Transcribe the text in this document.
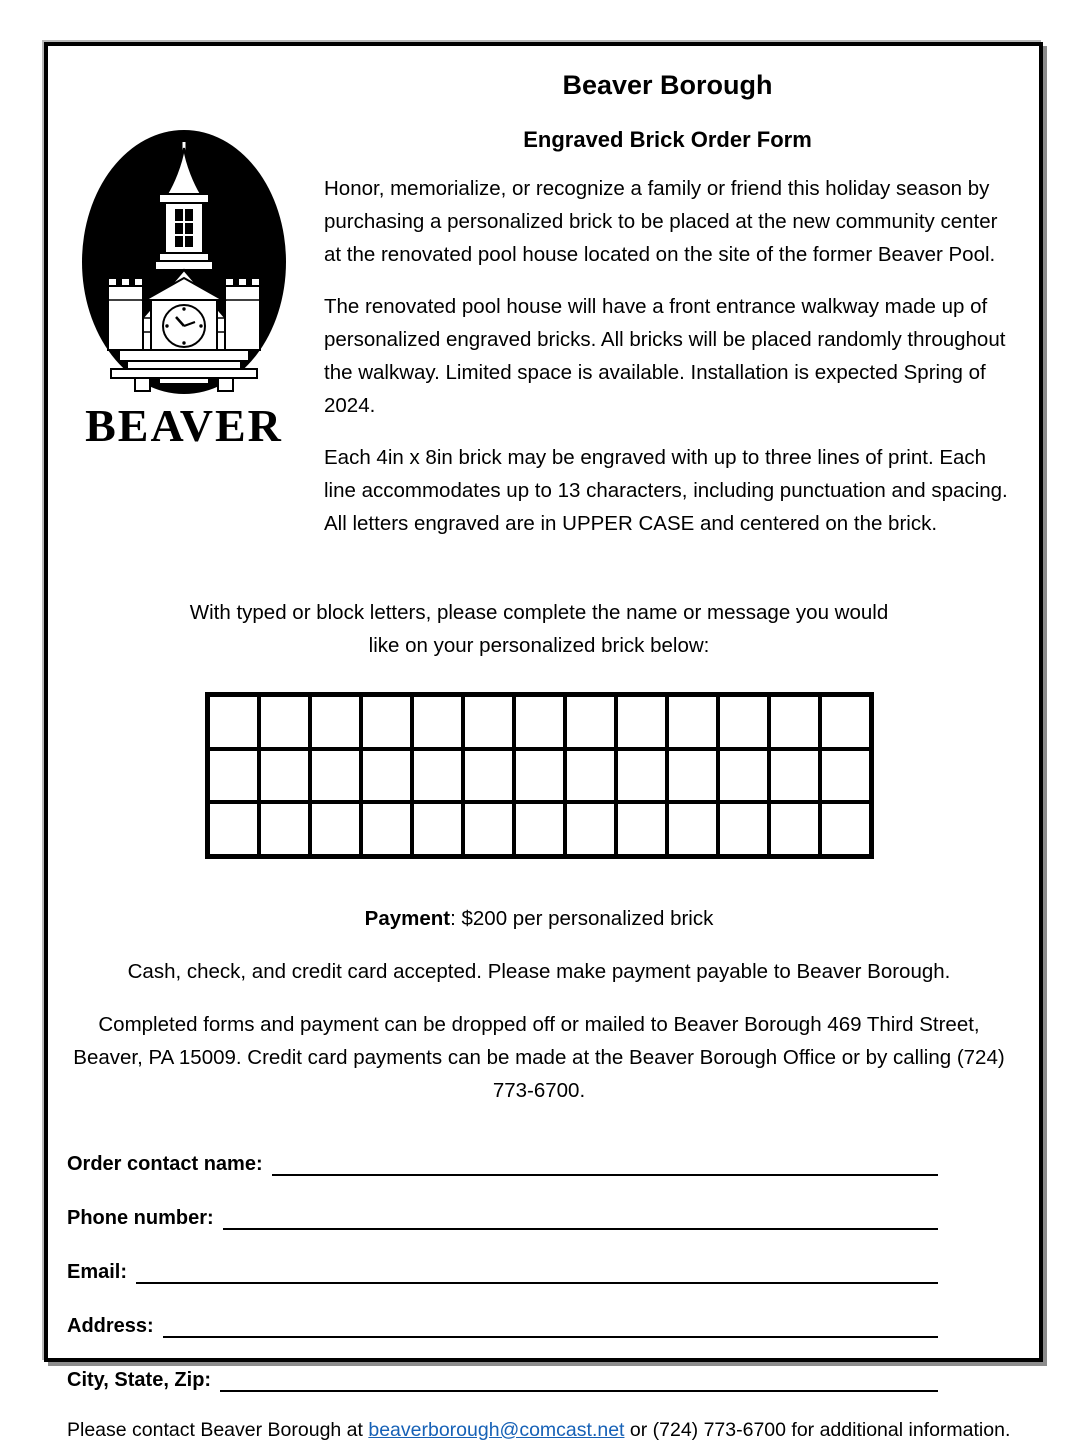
BEAVER
Beaver Borough
Engraved Brick Order Form

Honor, memorialize, or recognize a family or friend this holiday season by purchasing a personalized brick to be placed at the new community center at the renovated pool house located on the site of the former Beaver Pool.

The renovated pool house will have a front entrance walkway made up of personalized engraved bricks. All bricks will be placed randomly throughout the walkway. Limited space is available. Installation is expected Spring of 2024.

Each 4in x 8in brick may be engraved with up to three lines of print. Each line accommodates up to 13 characters, including punctuation and spacing. All letters engraved are in UPPER CASE and centered on the brick.

With typed or block letters, please complete the name or message you would like on your personalized brick below:

Payment: $200 per personalized brick

Cash, check, and credit card accepted. Please make payment payable to Beaver Borough.

Completed forms and payment can be dropped off or mailed to Beaver Borough 469 Third Street, Beaver, PA 15009. Credit card payments can be made at the Beaver Borough Office or by calling (724) 773-6700.

Order contact name:
Phone number:
Email:
Address:
City, State, Zip:

Please contact Beaver Borough at beaverborough@comcast.net or (724) 773-6700 for additional information.
